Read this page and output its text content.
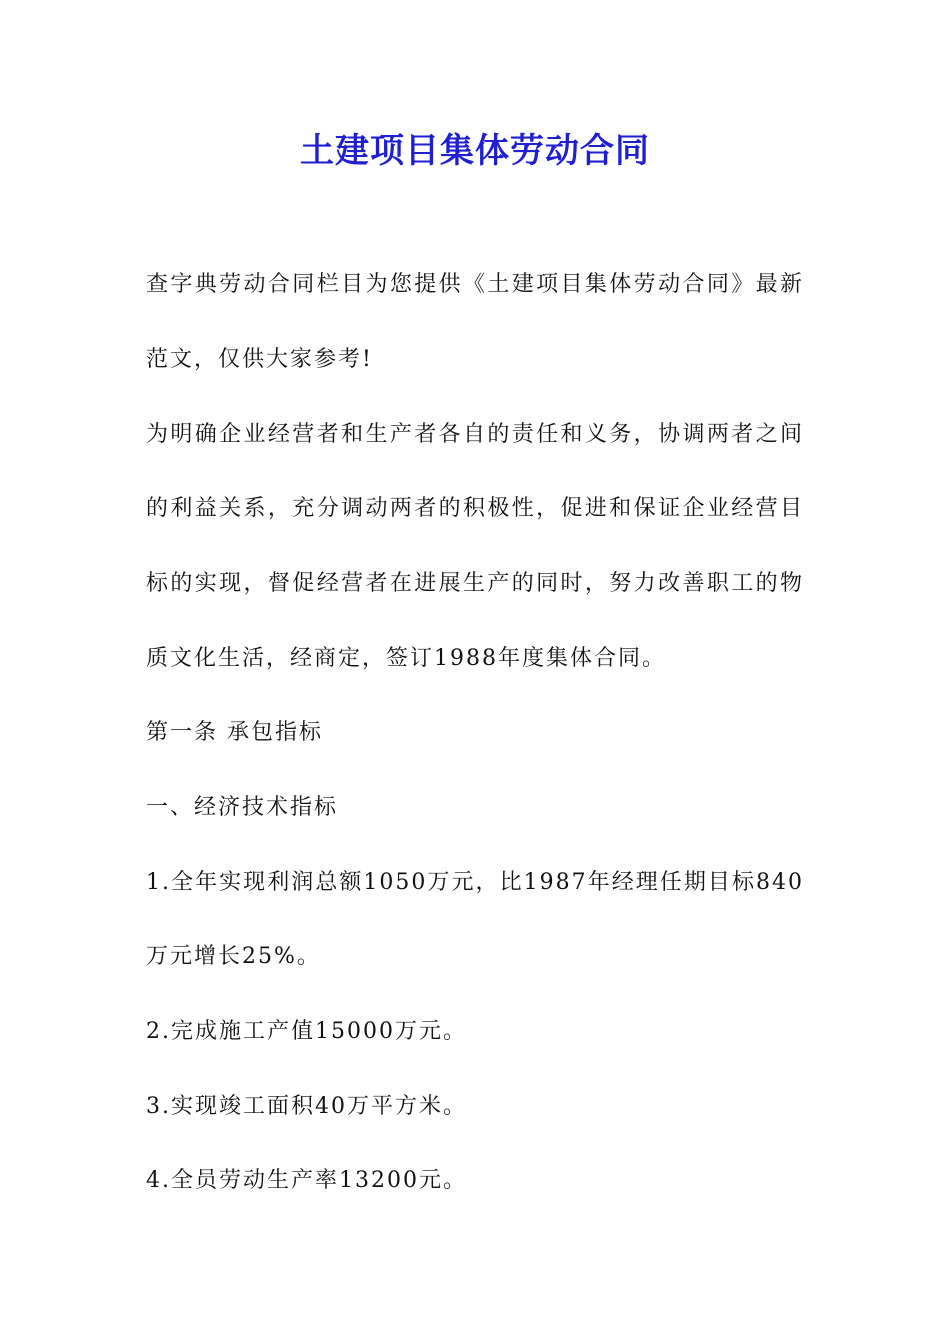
土建项目集体劳动合同

查字典劳动合同栏目为您提供《土建项目集体劳动合同》最新

范文，仅供大家参考!

为明确企业经营者和生产者各自的责任和义务，协调两者之间

的利益关系，充分调动两者的积极性，促进和保证企业经营目

标的实现，督促经营者在进展生产的同时，努力改善职工的物

质文化生活，经商定，签订1988年度集体合同。

第一条 承包指标

一、经济技术指标

1.全年实现利润总额1050万元，比1987年经理任期目标840

万元增长25%。

2.完成施工产值15000万元。

3.实现竣工面积40万平方米。

4.全员劳动生产率13200元。
